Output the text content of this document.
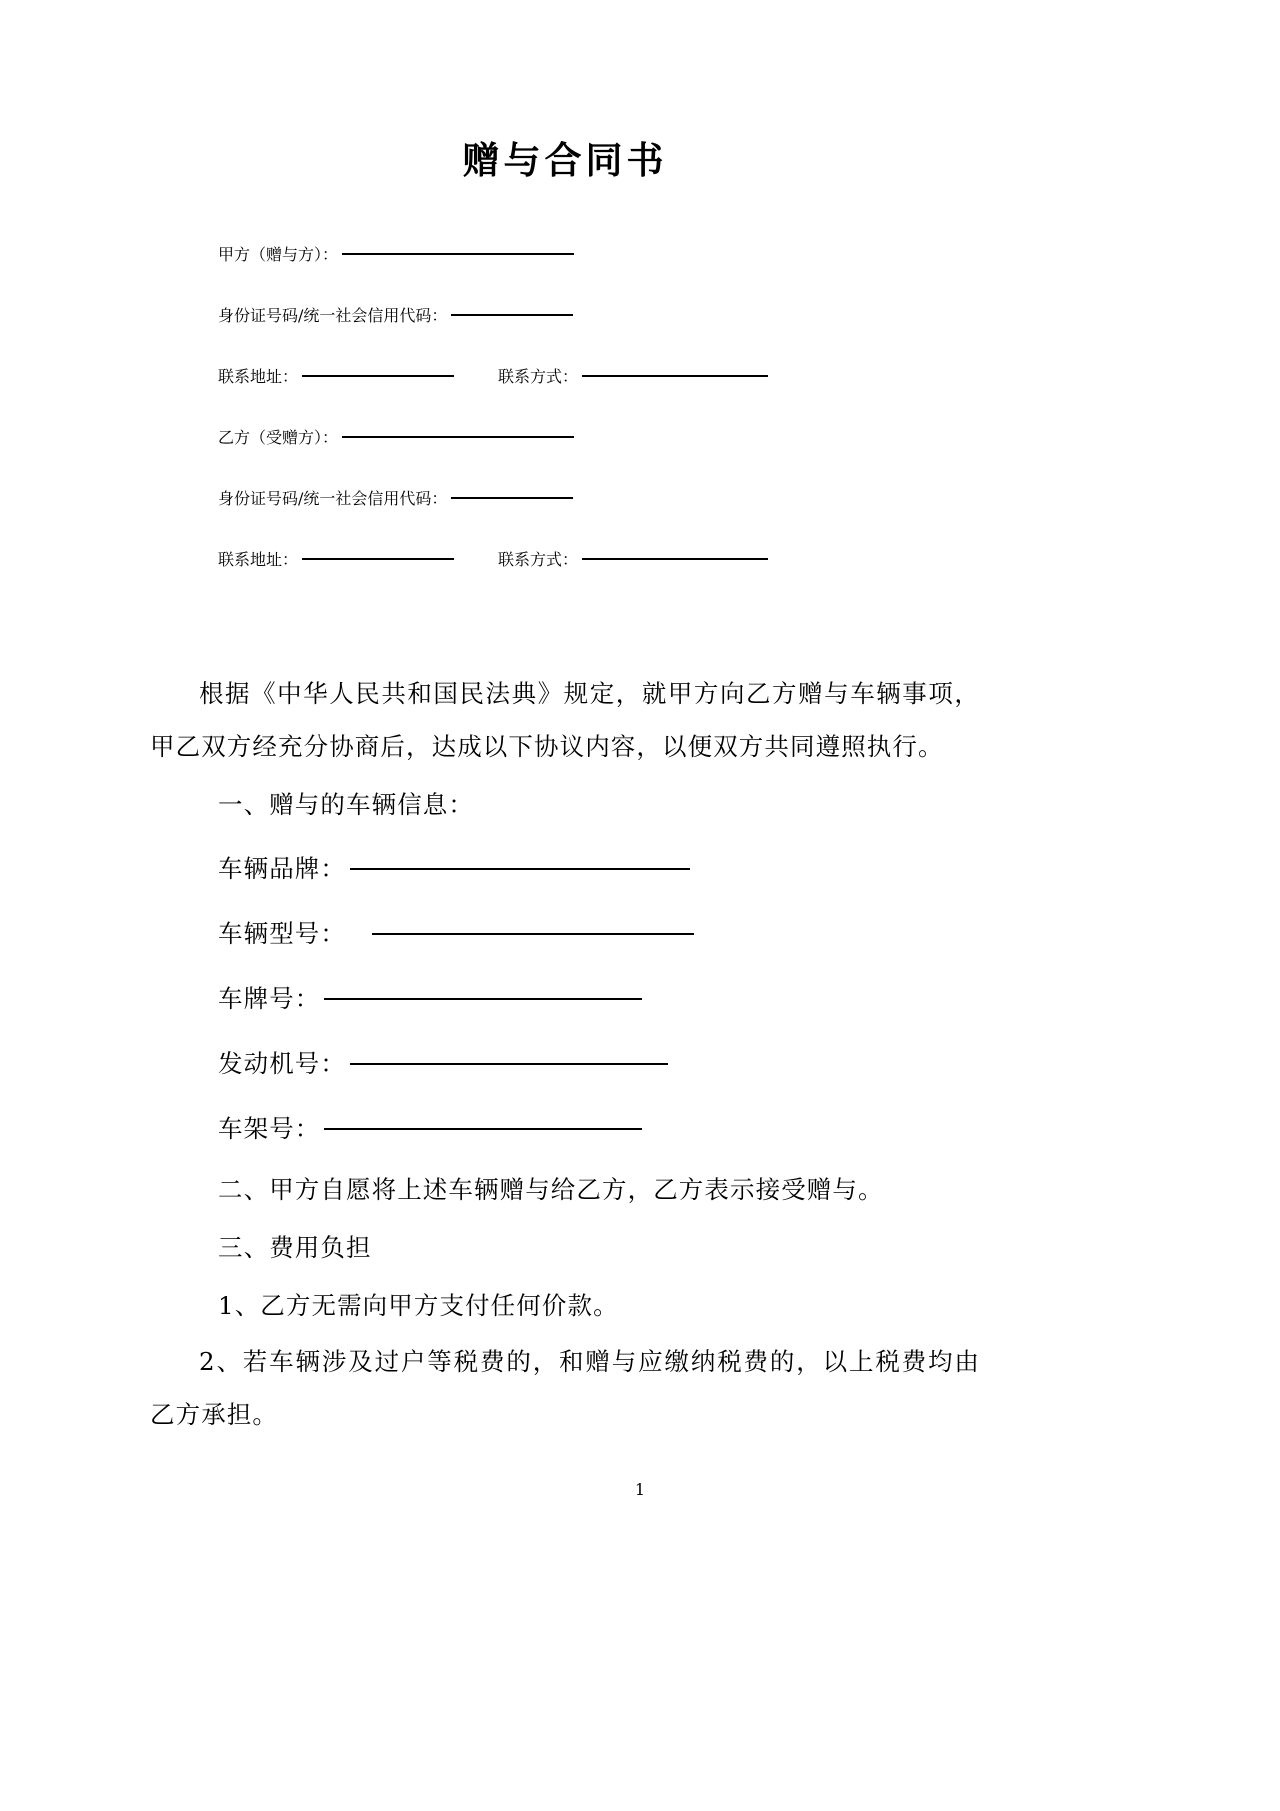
赠与合同书
甲方（赠与方）：
身份证号码/统一社会信用代码：
联系地址：	联系方式：
乙方（受赠方）：
身份证号码/统一社会信用代码：
联系地址：	联系方式：

根据《中华人民共和国民法典》规定，就甲方向乙方赠与车辆事项，甲乙双方经充分协商后，达成以下协议内容，以便双方共同遵照执行。

一、赠与的车辆信息：
车辆品牌：
车辆型号：
车牌号：
发动机号：
车架号：
二、甲方自愿将上述车辆赠与给乙方，乙方表示接受赠与。
三、费用负担
1、乙方无需向甲方支付任何价款。

2、若车辆涉及过户等税费的，和赠与应缴纳税费的，以上税费均由乙方承担。

1
